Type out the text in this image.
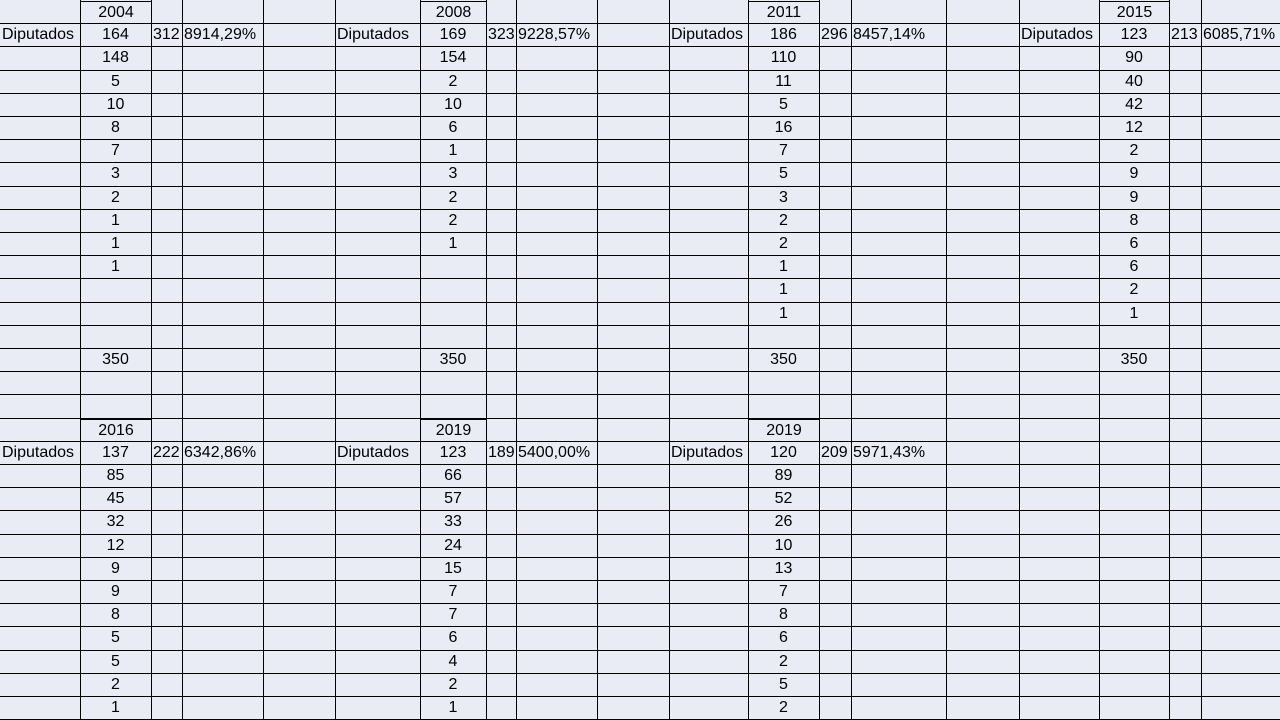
2004
Diputados	164	312 8914,29%
148
5
10
8
7
3
2
1
1
1
350
2008
Diputados	169	323 9228,57%
154
2
10
6
1
3
2
2
1
350
2011
Diputados	186	296 8457,14%
110
11
5
16
7
5
3
2
2
1
1
1
350
2015
Diputados	123	213 6085,71%
90
40
42
12
2
9
9
8
6
6
2
1
350
2016
Diputados	137	222 6342,86%
85
45
32
12
9
9
8
5
5
2
1
2019
Diputados	123	189 5400,00%
66
57
33
24
15
7
7
6
4
2
1
2019
Diputados	120	209 5971,43%
89
52
26
10
13
7
8
6
2
5
2
